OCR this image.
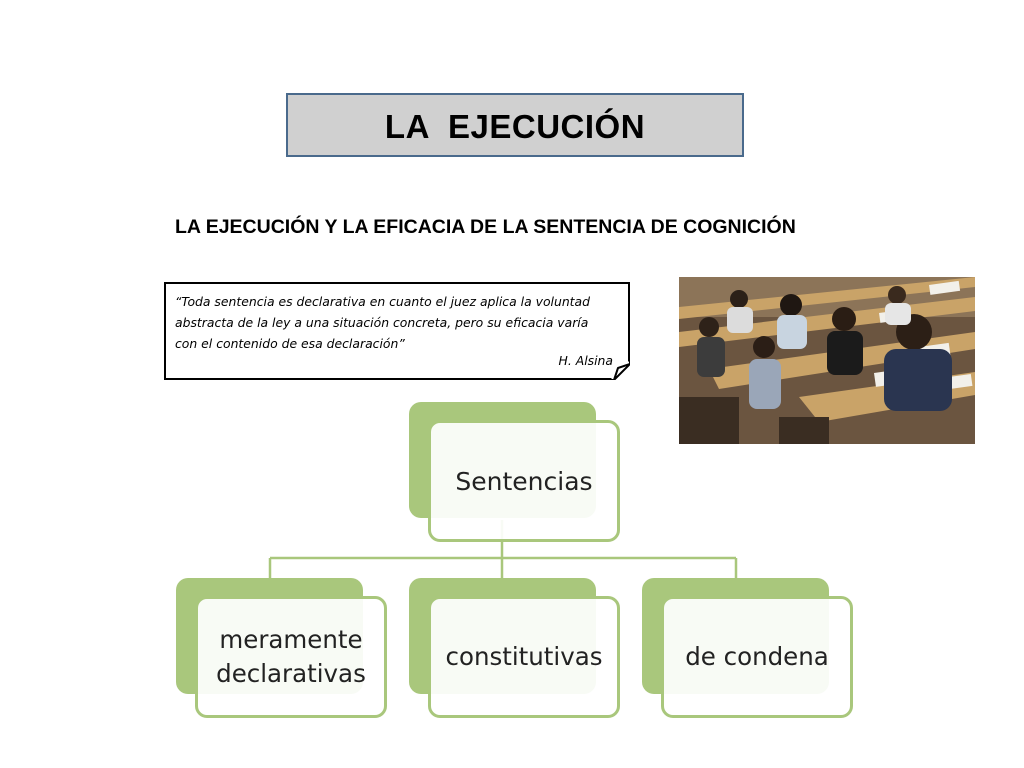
LA  EJECUCIÓN
LA EJECUCIÓN Y LA EFICACIA DE LA SENTENCIA DE COGNICIÓN
“Toda sentencia es declarativa en cuanto el juez aplica la voluntad abstracta de la ley a una situación concreta, pero su eficacia varía con el contenido de esa declaración”
H. Alsina
Sentencias
meramente declarativas
constitutivas	de condena
